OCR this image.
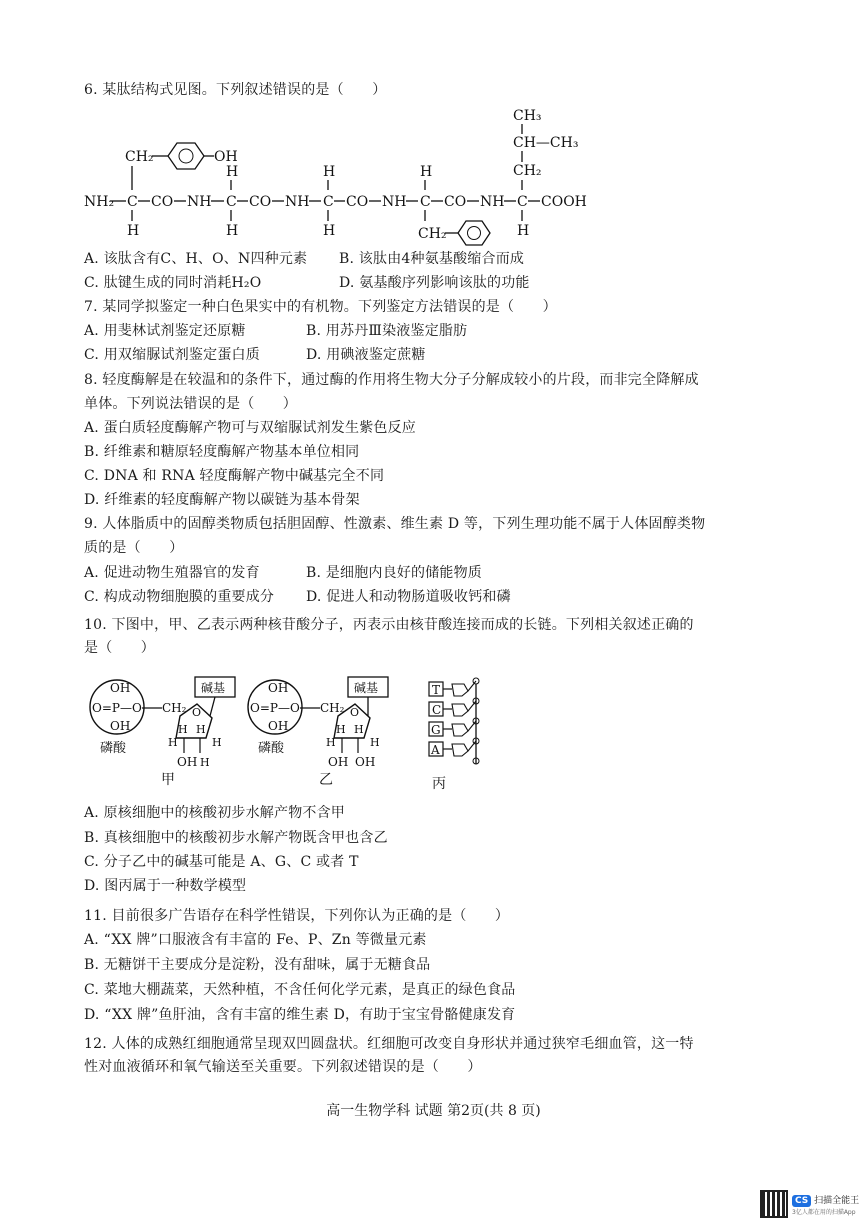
6. 某肽结构式见图。下列叙述错误的是（　　）
CH₃
CH—CH₃
CH₂
CH₂	OH
H	H	H
NH₂ C CO NH C CO NH C CO NH C CO NH C COOH
H	H	H	CH₂	H
A. 该肽含有C、H、O、N四种元素 B. 该肽由4种氨基酸缩合而成
C. 肽键生成的同时消耗H₂O	D. 氨基酸序列影响该肽的功能
7. 某同学拟鉴定一种白色果实中的有机物。下列鉴定方法错误的是（　　）
A. 用斐林试剂鉴定还原糖	B. 用苏丹Ⅲ染液鉴定脂肪
C. 用双缩脲试剂鉴定蛋白质	D. 用碘液鉴定蔗糖
8. 轻度酶解是在较温和的条件下，通过酶的作用将生物大分子分解成较小的片段，而非完全降解成
单体。下列说法错误的是（　　）
A. 蛋白质轻度酶解产物可与双缩脲试剂发生紫色反应
B. 纤维素和糖原轻度酶解产物基本单位相同
C. DNA 和 RNA 轻度酶解产物中碱基完全不同
D. 纤维素的轻度酶解产物以碳链为基本骨架
9. 人体脂质中的固醇类物质包括胆固醇、性激素、维生素 D 等，下列生理功能不属于人体固醇类物
质的是（　　）
A. 促进动物生殖器官的发育	B. 是细胞内良好的储能物质
C. 构成动物细胞膜的重要成分 D. 促进人和动物肠道吸收钙和磷
10. 下图中，甲、乙表示两种核苷酸分子，丙表示由核苷酸连接而成的长链。下列相关叙述正确的
是（　　）
OH
O=P—O
OH
磷酸
CH₂ O
碱基
H	H
H H
OH H
甲
OH
O=P—O
OH
磷酸
CH₂ O
碱基
H	H
H H
OH OH
乙
T
C
G
A
丙
A. 原核细胞中的核酸初步水解产物不含甲
B. 真核细胞中的核酸初步水解产物既含甲也含乙
C. 分子乙中的碱基可能是 A、G、C 或者 T
D. 图丙属于一种数学模型
11. 目前很多广告语存在科学性错误，下列你认为正确的是（　　）
A. “XX 牌”口服液含有丰富的 Fe、P、Zn 等微量元素
B. 无糖饼干主要成分是淀粉，没有甜味，属于无糖食品
C. 菜地大棚蔬菜，天然种植，不含任何化学元素，是真正的绿色食品
D. “XX 牌”鱼肝油，含有丰富的维生素 D，有助于宝宝骨骼健康发育
12. 人体的成熟红细胞通常呈现双凹圆盘状。红细胞可改变自身形状并通过狭窄毛细血管，这一特
性对血液循环和氧气输送至关重要。下列叙述错误的是（　　）
高一生物学科 试题 第2页(共 8 页)
CS 扫描全能王
3亿人都在用的扫描App
